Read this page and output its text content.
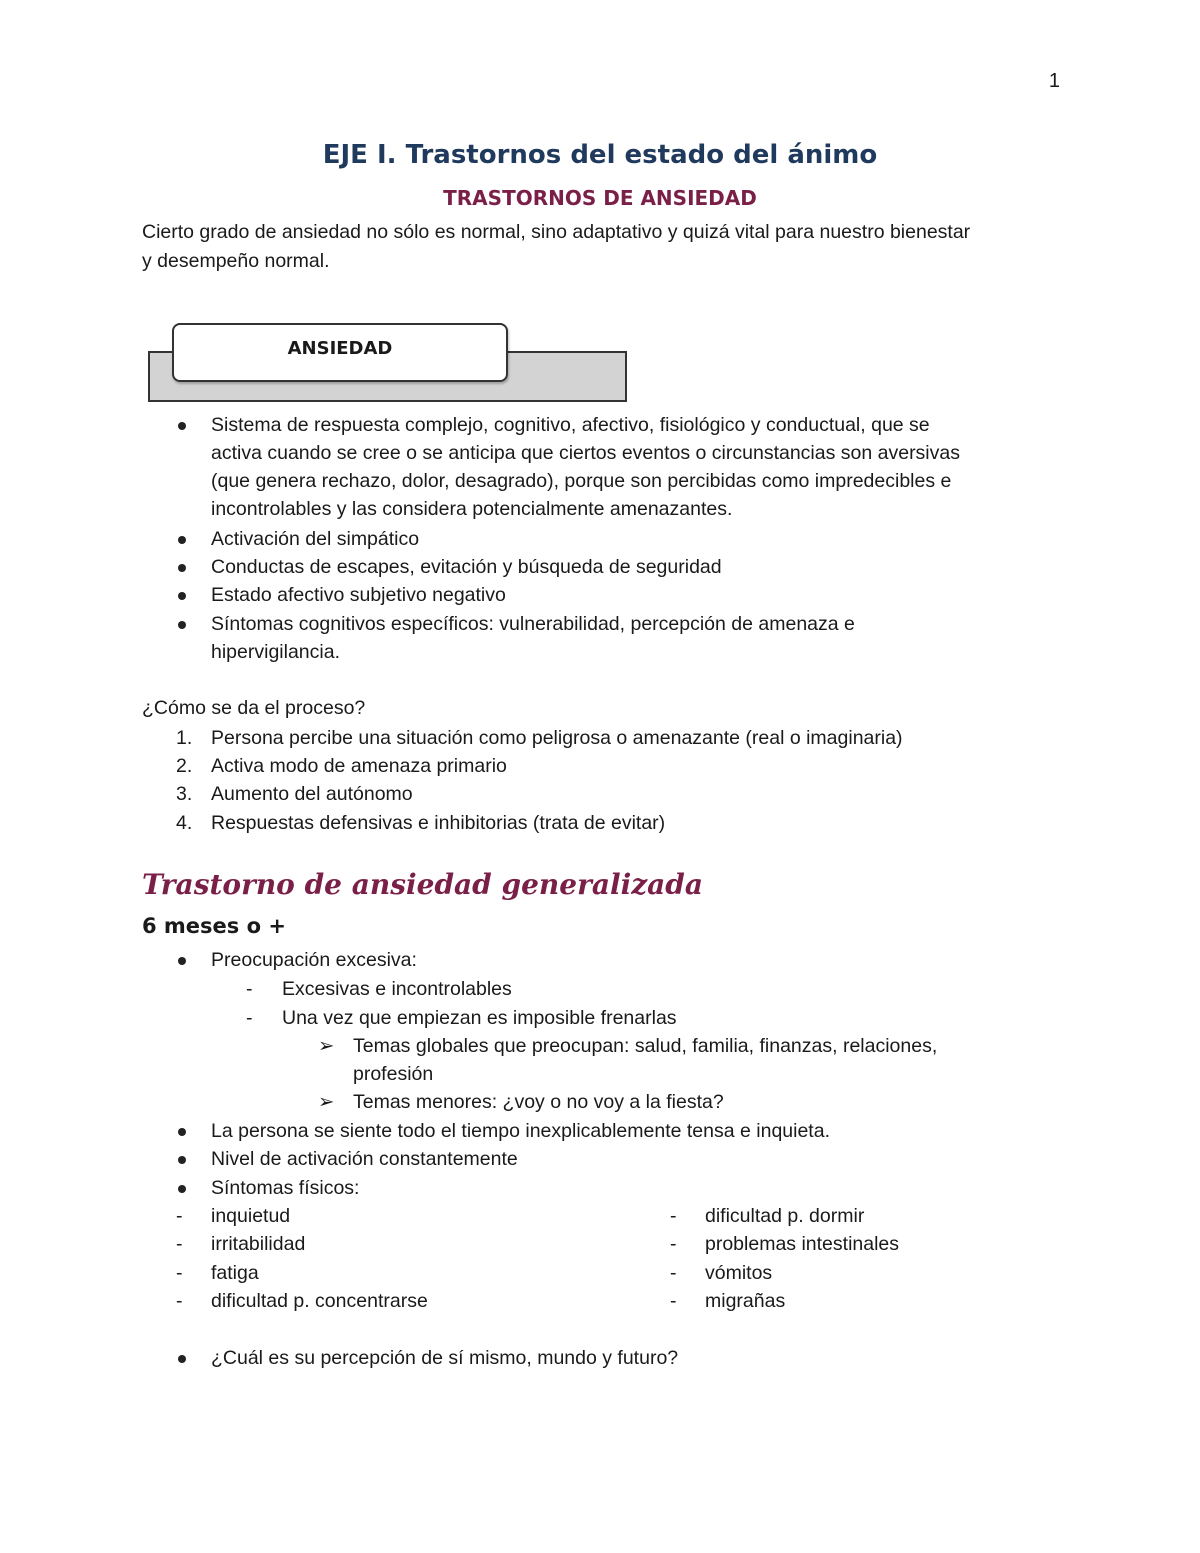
1
EJE I. Trastornos del estado del ánimo
TRASTORNOS DE ANSIEDAD
Cierto grado de ansiedad no sólo es normal, sino adaptativo y quizá vital para nuestro bienestar
y desempeño normal.
ANSIEDAD
Sistema de respuesta complejo, cognitivo, afectivo, fisiológico y conductual, que se
activa cuando se cree o se anticipa que ciertos eventos o circunstancias son aversivas
(que genera rechazo, dolor, desagrado), porque son percibidas como impredecibles e
incontrolables y las considera potencialmente amenazantes.
Activación del simpático
Conductas de escapes, evitación y búsqueda de seguridad
Estado afectivo subjetivo negativo
Síntomas cognitivos específicos: vulnerabilidad, percepción de amenaza e
hipervigilancia.
¿Cómo se da el proceso?
1. Persona percibe una situación como peligrosa o amenazante (real o imaginaria)
2. Activa modo de amenaza primario
3. Aumento del autónomo
4. Respuestas defensivas e inhibitorias (trata de evitar)
Trastorno de ansiedad generalizada
6 meses o +
Preocupación excesiva:
- Excesivas e incontrolables
- Una vez que empiezan es imposible frenarlas
➢ Temas globales que preocupan: salud, familia, finanzas, relaciones,
profesión
➢ Temas menores: ¿voy o no voy a la fiesta?
La persona se siente todo el tiempo inexplicablemente tensa e inquieta.
Nivel de activación constantemente
Síntomas físicos:
- inquietud
- irritabilidad
- fatiga
- dificultad p. concentrarse
- dificultad p. dormir
- problemas intestinales
- vómitos
- migrañas
¿Cuál es su percepción de sí mismo, mundo y futuro?
